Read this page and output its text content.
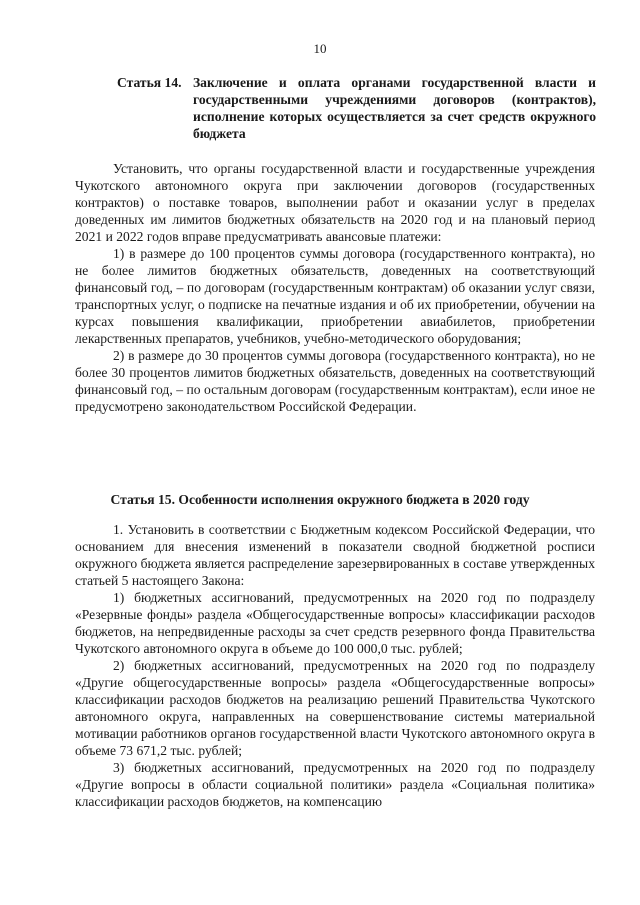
10
Статья 14. Заключение и оплата органами государственной власти и государственными учреждениями договоров (контрактов), исполнение которых осуществляется за счет средств окружного бюджета

Установить, что органы государственной власти и государственные учреждения Чукотского автономного округа при заключении договоров (государственных контрактов) о поставке товаров, выполнении работ и оказании услуг в пределах доведенных им лимитов бюджетных обязательств на 2020 год и на плановый период 2021 и 2022 годов вправе предусматривать авансовые платежи:

1) в размере до 100 процентов суммы договора (государственного контракта), но не более лимитов бюджетных обязательств, доведенных на соответствующий финансовый год, – по договорам (государственным контрактам) об оказании услуг связи, транспортных услуг, о подписке на печатные издания и об их приобретении, обучении на курсах повышения квалификации, приобретении авиабилетов, приобретении лекарственных препаратов, учебников, учебно-методического оборудования;

2) в размере до 30 процентов суммы договора (государственного контракта), но не более 30 процентов лимитов бюджетных обязательств, доведенных на соответствующий финансовый год, – по остальным договорам (государственным контрактам), если иное не предусмотрено законодательством Российской Федерации.

Статья 15. Особенности исполнения окружного бюджета в 2020 году

1. Установить в соответствии с Бюджетным кодексом Российской Федерации, что основанием для внесения изменений в показатели сводной бюджетной росписи окружного бюджета является распределение зарезервированных в составе утвержденных статьей 5 настоящего Закона:

1) бюджетных ассигнований, предусмотренных на 2020 год по подразделу «Резервные фонды» раздела «Общегосударственные вопросы» классификации расходов бюджетов, на непредвиденные расходы за счет средств резервного фонда Правительства Чукотского автономного округа в объеме до 100 000,0 тыс. рублей;

2) бюджетных ассигнований, предусмотренных на 2020 год по подразделу «Другие общегосударственные вопросы» раздела «Общегосударственные вопросы» классификации расходов бюджетов на реализацию решений Правительства Чукотского автономного округа, направленных на совершенствование системы материальной мотивации работников органов государственной власти Чукотского автономного округа в объеме 73 671,2 тыс. рублей;

3) бюджетных ассигнований, предусмотренных на 2020 год по подразделу «Другие вопросы в области социальной политики» раздела «Социальная политика» классификации расходов бюджетов, на компенсацию
